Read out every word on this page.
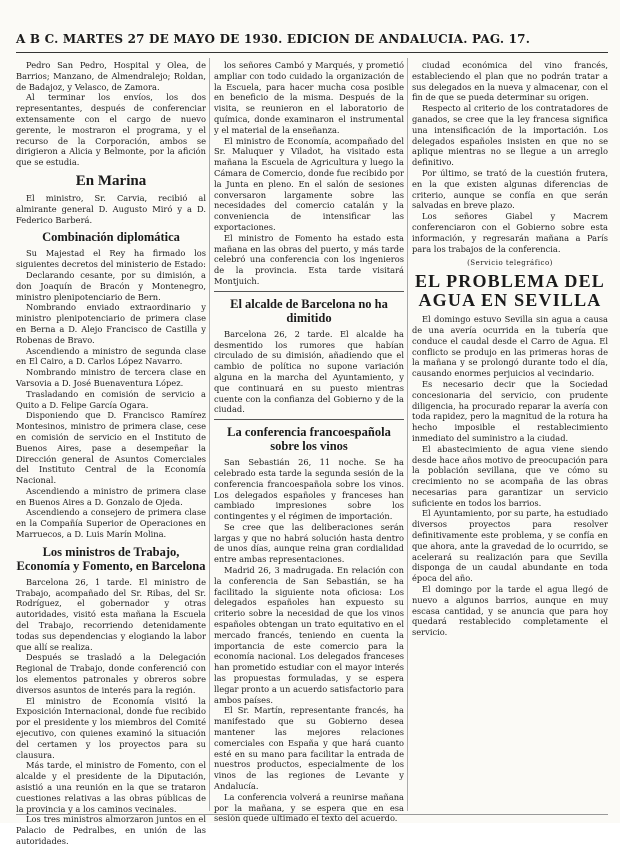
A B C. MARTES 27 DE MAYO DE 1930. EDICION DE ANDALUCIA. PAG. 17.

Pedro San Pedro, Hospital y Olea, de Barrios; Manzano, de Almendralejo; Roldan, de Badajoz, y Velasco, de Zamora.

Al terminar los envíos, los dos representantes, después de conferenciar extensamente con el cargo de nuevo gerente, le mostraron el programa, y el recurso de la Corporación, ambos se dirigieron a Alicia y Belmonte, por la afición que se estudia.

En Marina

El ministro, Sr. Carvia, recibió al almirante general D. Augusto Miró y a D. Federico Barberá.

Combinación diplomática

Su Majestad el Rey ha firmado los siguientes decretos del ministerio de Estado:

Declarando cesante, por su dimisión, a don Joaquín de Bracón y Montenegro, ministro plenipotenciario de Bern.

Nombrando enviado extraordinario y ministro plenipotenciario de primera clase en Berna a D. Alejo Francisco de Castilla y Robenas de Bravo.

Ascendiendo a ministro de segunda clase en El Cairo, a D. Carlos López Navarro.

Nombrando ministro de tercera clase en Varsovia a D. José Buenaventura López.

Trasladando en comisión de servicio a Quito a D. Felipe García Ogara.

Disponiendo que D. Francisco Ramírez Montesinos, ministro de primera clase, cese en comisión de servicio en el Instituto de Buenos Aires, pase a desempeñar la Dirección general de Asuntos Comerciales del Instituto Central de la Economía Nacional.

Ascendiendo a ministro de primera clase en Buenos Aires a D. Gonzalo de Ojeda.

Ascendiendo a consejero de primera clase en la Compañía Superior de Operaciones en Marruecos, a D. Luis Marín Molina.

Los ministros de Trabajo, Economía y Fomento, en Barcelona

Barcelona 26, 1 tarde. El ministro de Trabajo, acompañado del Sr. Ribas, del Sr. Rodríguez, el gobernador y otras autoridades, visitó esta mañana la Escuela del Trabajo, recorriendo detenidamente todas sus dependencias y elogiando la labor que allí se realiza.

Después se trasladó a la Delegación Regional de Trabajo, donde conferenció con los elementos patronales y obreros sobre diversos asuntos de interés para la región.

El ministro de Economía visitó la Exposición Internacional, donde fue recibido por el presidente y los miembros del Comité ejecutivo, con quienes examinó la situación del certamen y los proyectos para su clausura.

Más tarde, el ministro de Fomento, con el alcalde y el presidente de la Diputación, asistió a una reunión en la que se trataron cuestiones relativas a las obras públicas de la provincia y a los caminos vecinales.

Los tres ministros almorzaron juntos en el Palacio de Pedralbes, en unión de las autoridades.

los señores Cambó y Marqués, y prometió ampliar con todo cuidado la organización de la Escuela, para hacer mucha cosa posible en beneficio de la misma. Después de la visita, se reunieron en el laboratorio de química, donde examinaron el instrumental y el material de la enseñanza.

El ministro de Economía, acompañado del Sr. Maluquer y Viladot, ha visitado esta mañana la Escuela de Agricultura y luego la Cámara de Comercio, donde fue recibido por la Junta en pleno. En el salón de sesiones conversaron largamente sobre las necesidades del comercio catalán y la conveniencia de intensificar las exportaciones.

El ministro de Fomento ha estado esta mañana en las obras del puerto, y más tarde celebró una conferencia con los ingenieros de la provincia. Esta tarde visitará Montjuich.

El alcalde de Barcelona no ha dimitido

Barcelona 26, 2 tarde. El alcalde ha desmentido los rumores que habían circulado de su dimisión, añadiendo que el cambio de política no supone variación alguna en la marcha del Ayuntamiento, y que continuará en su puesto mientras cuente con la confianza del Gobierno y de la ciudad.

La conferencia francoespañola sobre los vinos

San Sebastián 26, 11 noche. Se ha celebrado esta tarde la segunda sesión de la conferencia francoespañola sobre los vinos. Los delegados españoles y franceses han cambiado impresiones sobre los contingentes y el régimen de importación.

Se cree que las deliberaciones serán largas y que no habrá solución hasta dentro de unos días, aunque reina gran cordialidad entre ambas representaciones.

Madrid 26, 3 madrugada. En relación con la conferencia de San Sebastián, se ha facilitado la siguiente nota oficiosa: Los delegados españoles han expuesto su criterio sobre la necesidad de que los vinos españoles obtengan un trato equitativo en el mercado francés, teniendo en cuenta la importancia de este comercio para la economía nacional. Los delegados franceses han prometido estudiar con el mayor interés las propuestas formuladas, y se espera llegar pronto a un acuerdo satisfactorio para ambos países.

El Sr. Martín, representante francés, ha manifestado que su Gobierno desea mantener las mejores relaciones comerciales con España y que hará cuanto esté en su mano para facilitar la entrada de nuestros productos, especialmente de los vinos de las regiones de Levante y Andalucía.

La conferencia volverá a reunirse mañana por la mañana, y se espera que en esa sesión quede ultimado el texto del acuerdo.

ciudad económica del vino francés, estableciendo el plan que no podrán tratar a sus delegados en la nueva y almacenar, con el fin de que se pueda determinar su origen.

Respecto al criterio de los contratadores de ganados, se cree que la ley francesa significa una intensificación de la importación. Los delegados españoles insisten en que no se aplique mientras no se llegue a un arreglo definitivo.

Por último, se trató de la cuestión frutera, en la que existen algunas diferencias de criterio, aunque se confía en que serán salvadas en breve plazo.

Los señores Giabel y Macrem conferenciaron con el Gobierno sobre esta información, y regresarán mañana a París para los trabajos de la conferencia.

(Servicio telegráfico)
EL PROBLEMA DEL AGUA EN SEVILLA

El domingo estuvo Sevilla sin agua a causa de una avería ocurrida en la tubería que conduce el caudal desde el Carro de Agua. El conflicto se produjo en las primeras horas de la mañana y se prolongó durante todo el día, causando enormes perjuicios al vecindario.

Es necesario decir que la Sociedad concesionaria del servicio, con prudente diligencia, ha procurado reparar la avería con toda rapidez, pero la magnitud de la rotura ha hecho imposible el restablecimiento inmediato del suministro a la ciudad.

El abastecimiento de agua viene siendo desde hace años motivo de preocupación para la población sevillana, que ve cómo su crecimiento no se acompaña de las obras necesarias para garantizar un servicio suficiente en todos los barrios.

El Ayuntamiento, por su parte, ha estudiado diversos proyectos para resolver definitivamente este problema, y se confía en que ahora, ante la gravedad de lo ocurrido, se acelerará su realización para que Sevilla disponga de un caudal abundante en toda época del año.

El domingo por la tarde el agua llegó de nuevo a algunos barrios, aunque en muy escasa cantidad, y se anuncia que para hoy quedará restablecido completamente el servicio.
